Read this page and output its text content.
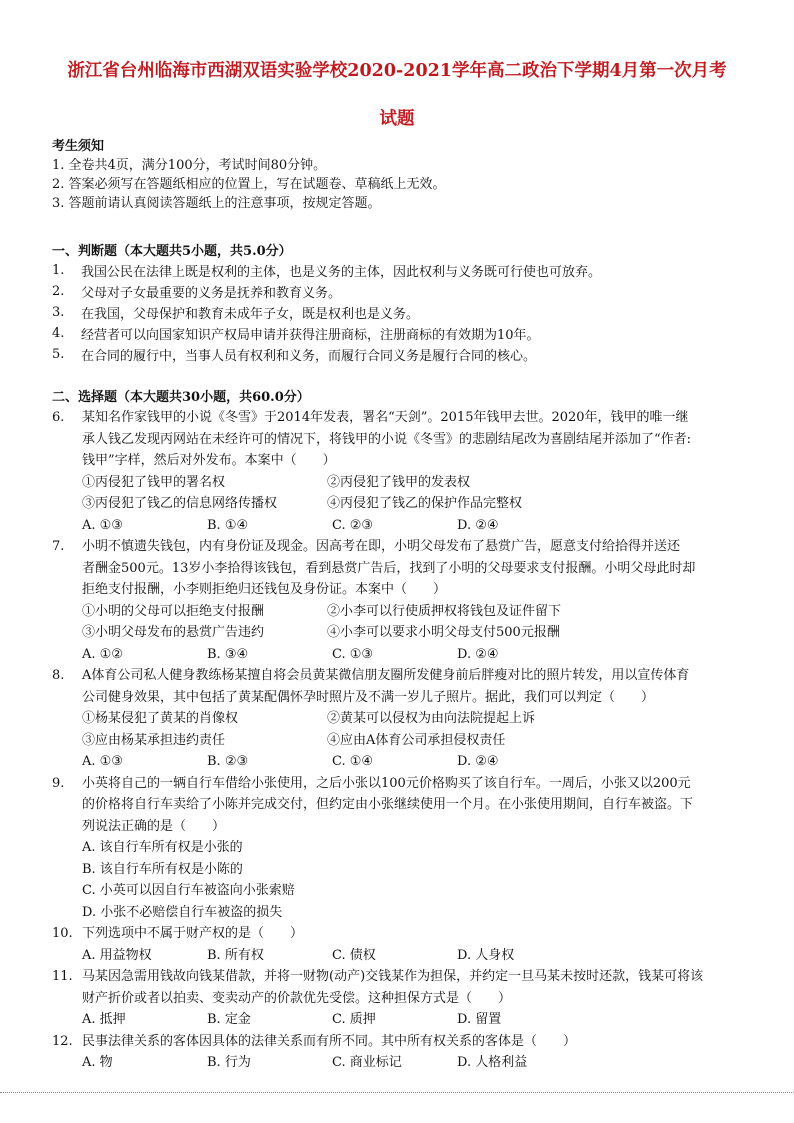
浙江省台州临海市西湖双语实验学校2020-2021学年高二政治下学期4月第一次月考
试题
考生须知
1. 全卷共4页，满分100分，考试时间80分钟。
2. 答案必须写在答题纸相应的位置上，写在试题卷、草稿纸上无效。
3. 答题前请认真阅读答题纸上的注意事项，按规定答题。
一、判断题（本大题共5小题，共5.0分）
1.	我国公民在法律上既是权利的主体，也是义务的主体，因此权利与义务既可行使也可放弃。
2.	父母对子女最重要的义务是抚养和教育义务。
3.	在我国，父母保护和教育未成年子女，既是权利也是义务。
4.	经营者可以向国家知识产权局申请并获得注册商标，注册商标的有效期为10年。
5.	在合同的履行中，当事人员有权利和义务，而履行合同义务是履行合同的核心。
二、选择题（本大题共30小题，共60.0分）
6.	某知名作家钱甲的小说《冬雪》于2014年发表，署名“天剑”。2015年钱甲去世。2020年，钱甲的唯一继
承人钱乙发现丙网站在未经许可的情况下，将钱甲的小说《冬雪》的悲剧结尾改为喜剧结尾并添加了“作者:
钱甲”字样，然后对外发布。本案中（　　）
①丙侵犯了钱甲的署名权	②丙侵犯了钱甲的发表权
③丙侵犯了钱乙的信息网络传播权	④丙侵犯了钱乙的保护作品完整权
A. ①③	B. ①④	C. ②③	D. ②④
7.	小明不慎遗失钱包，内有身份证及现金。因高考在即，小明父母发布了悬赏广告，愿意支付给拾得并送还
者酬金500元。13岁小李拾得该钱包，看到悬赏广告后，找到了小明的父母要求支付报酬。小明父母此时却
拒绝支付报酬，小李则拒绝归还钱包及身份证。本案中（　　）
①小明的父母可以拒绝支付报酬	②小李可以行使质押权将钱包及证件留下
③小明父母发布的悬赏广告违约	④小李可以要求小明父母支付500元报酬
A. ①②	B. ③④	C. ①③	D. ②④
8.	A体育公司私人健身教练杨某擅自将会员黄某微信朋友圈所发健身前后胖瘦对比的照片转发，用以宣传体育
公司健身效果，其中包括了黄某配偶怀孕时照片及不满一岁儿子照片。据此，我们可以判定（　　）
①杨某侵犯了黄某的肖像权	②黄某可以侵权为由向法院提起上诉
③应由杨某承担违约责任	④应由A体育公司承担侵权责任
A. ①③	B. ②③	C. ①④	D. ②④
9.	小英将自己的一辆自行车借给小张使用，之后小张以100元价格购买了该自行车。一周后，小张又以200元
的价格将自行车卖给了小陈并完成交付，但约定由小张继续使用一个月。在小张使用期间，自行车被盗。下
列说法正确的是（　　）
A. 该自行车所有权是小张的
B. 该自行车所有权是小陈的
C. 小英可以因自行车被盗向小张索赔
D. 小张不必赔偿自行车被盗的损失
10. 下列选项中不属于财产权的是（　　）
A. 用益物权	B. 所有权	C. 债权	D. 人身权
11. 马某因急需用钱故向钱某借款，并将一财物(动产)交钱某作为担保，并约定一旦马某未按时还款，钱某可将该
财产折价或者以拍卖、变卖动产的价款优先受偿。这种担保方式是（　　）
A. 抵押	B. 定金	C. 质押	D. 留置
12. 民事法律关系的客体因具体的法律关系而有所不同。其中所有权关系的客体是（　　）
A. 物	B. 行为	C. 商业标记	D. 人格利益
